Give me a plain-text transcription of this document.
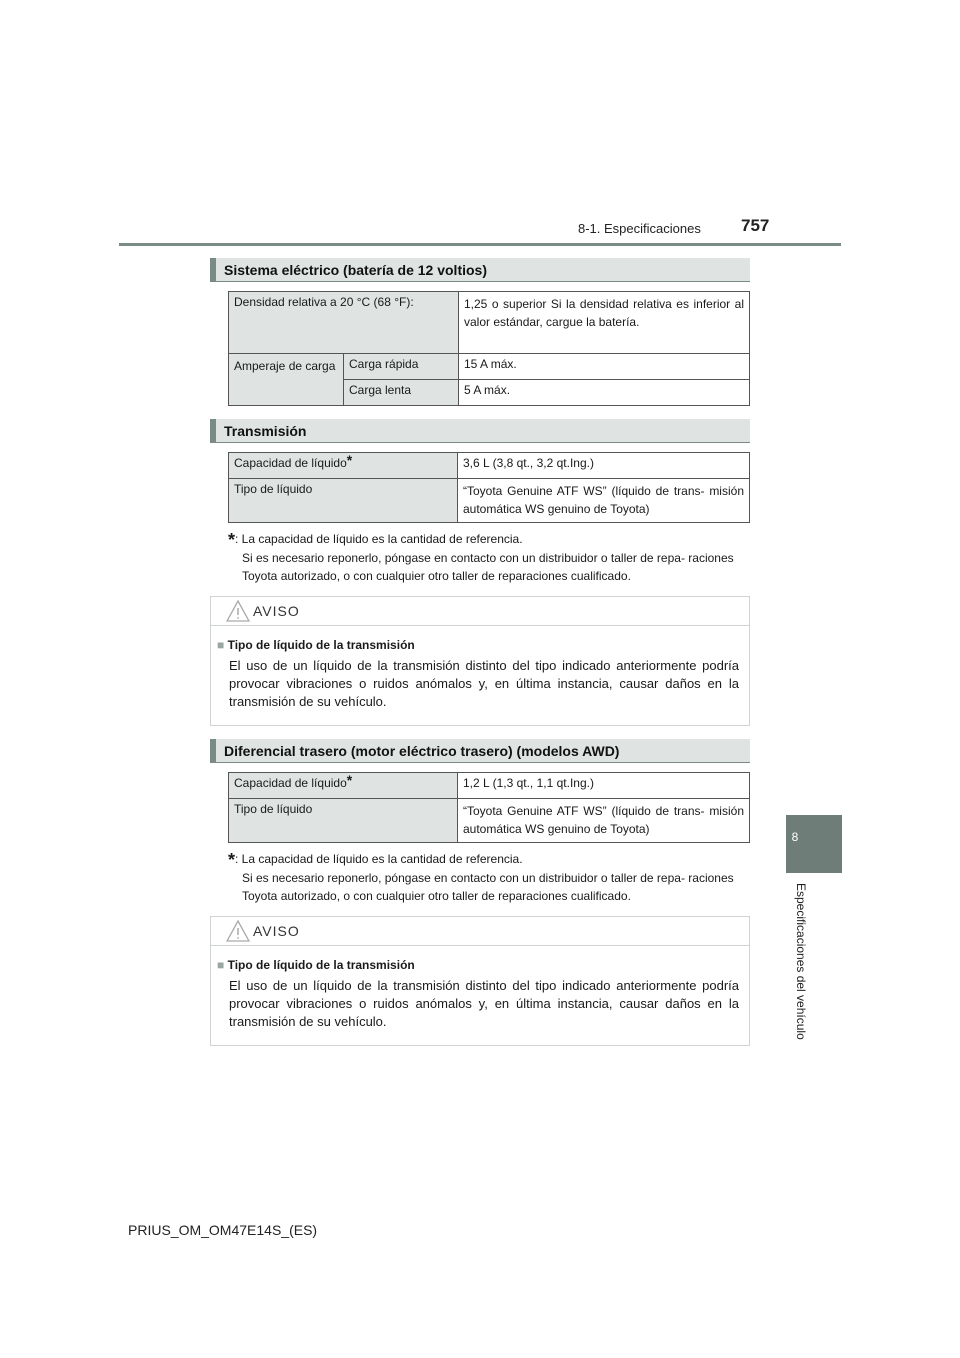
8-1. Especificaciones 757
8
Especificaciones del vehículo
Sistema eléctrico (batería de 12 voltios)
Densidad relativa a 20 °C (68 °F):		1,25 o superior Si la densidad relativa es inferior al valor estándar, cargue la batería.

Amperaje de carga	Carga rápida	15 A máx.
	Carga lenta	5 A máx.
Transmisión
Capacidad de líquido*	3,6 L (3,8 qt., 3,2 qt.Ing.)
Tipo de líquido	“Toyota Genuine ATF WS” (líquido de trans- misión automática WS genuino de Toyota)
*: La capacidad de líquido es la cantidad de referencia.
Si es necesario reponerlo, póngase en contacto con un distribuidor o taller de repa- raciones Toyota autorizado, o con cualquier otro taller de reparaciones cualificado.
AVISO
■ Tipo de líquido de la transmisión
El uso de un líquido de la transmisión distinto del tipo indicado anteriormente podría provocar vibraciones o ruidos anómalos y, en última instancia, causar daños en la transmisión de su vehículo.
Diferencial trasero (motor eléctrico trasero) (modelos AWD)
Capacidad de líquido*	1,2 L (1,3 qt., 1,1 qt.Ing.)
Tipo de líquido	“Toyota Genuine ATF WS” (líquido de trans- misión automática WS genuino de Toyota)
*: La capacidad de líquido es la cantidad de referencia.
Si es necesario reponerlo, póngase en contacto con un distribuidor o taller de repa- raciones Toyota autorizado, o con cualquier otro taller de reparaciones cualificado.
AVISO
■ Tipo de líquido de la transmisión
El uso de un líquido de la transmisión distinto del tipo indicado anteriormente podría provocar vibraciones o ruidos anómalos y, en última instancia, causar daños en la transmisión de su vehículo.
PRIUS_OM_OM47E14S_(ES)
